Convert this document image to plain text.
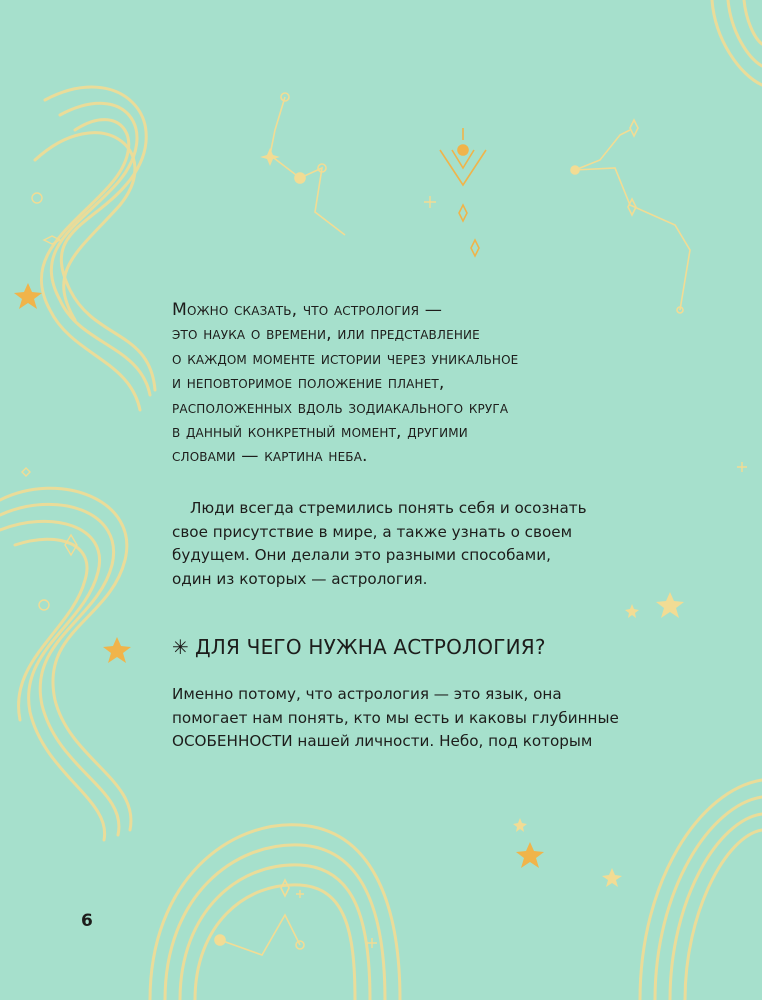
Можно сказать, что астрология —
это наука о времени, или представление
о каждом моменте истории через уникальное
и неповторимое положение планет,
расположенных вдоль зодиакального круга
в данный конкретный момент, другими
словами — картина неба.

Люди всегда стремились понять себя и осознать
свое присутствие в мире, а также узнать о своем
будущем. Они делали это разными способами,
один из которых — астрология.

✳ ДЛЯ ЧЕГО НУЖНА АСТРОЛОГИЯ?

Именно потому, что астрология — это язык, она
помогает нам понять, кто мы есть и каковы глубинные
ОСОБЕННОСТИ нашей личности. Небо, под которым

6
